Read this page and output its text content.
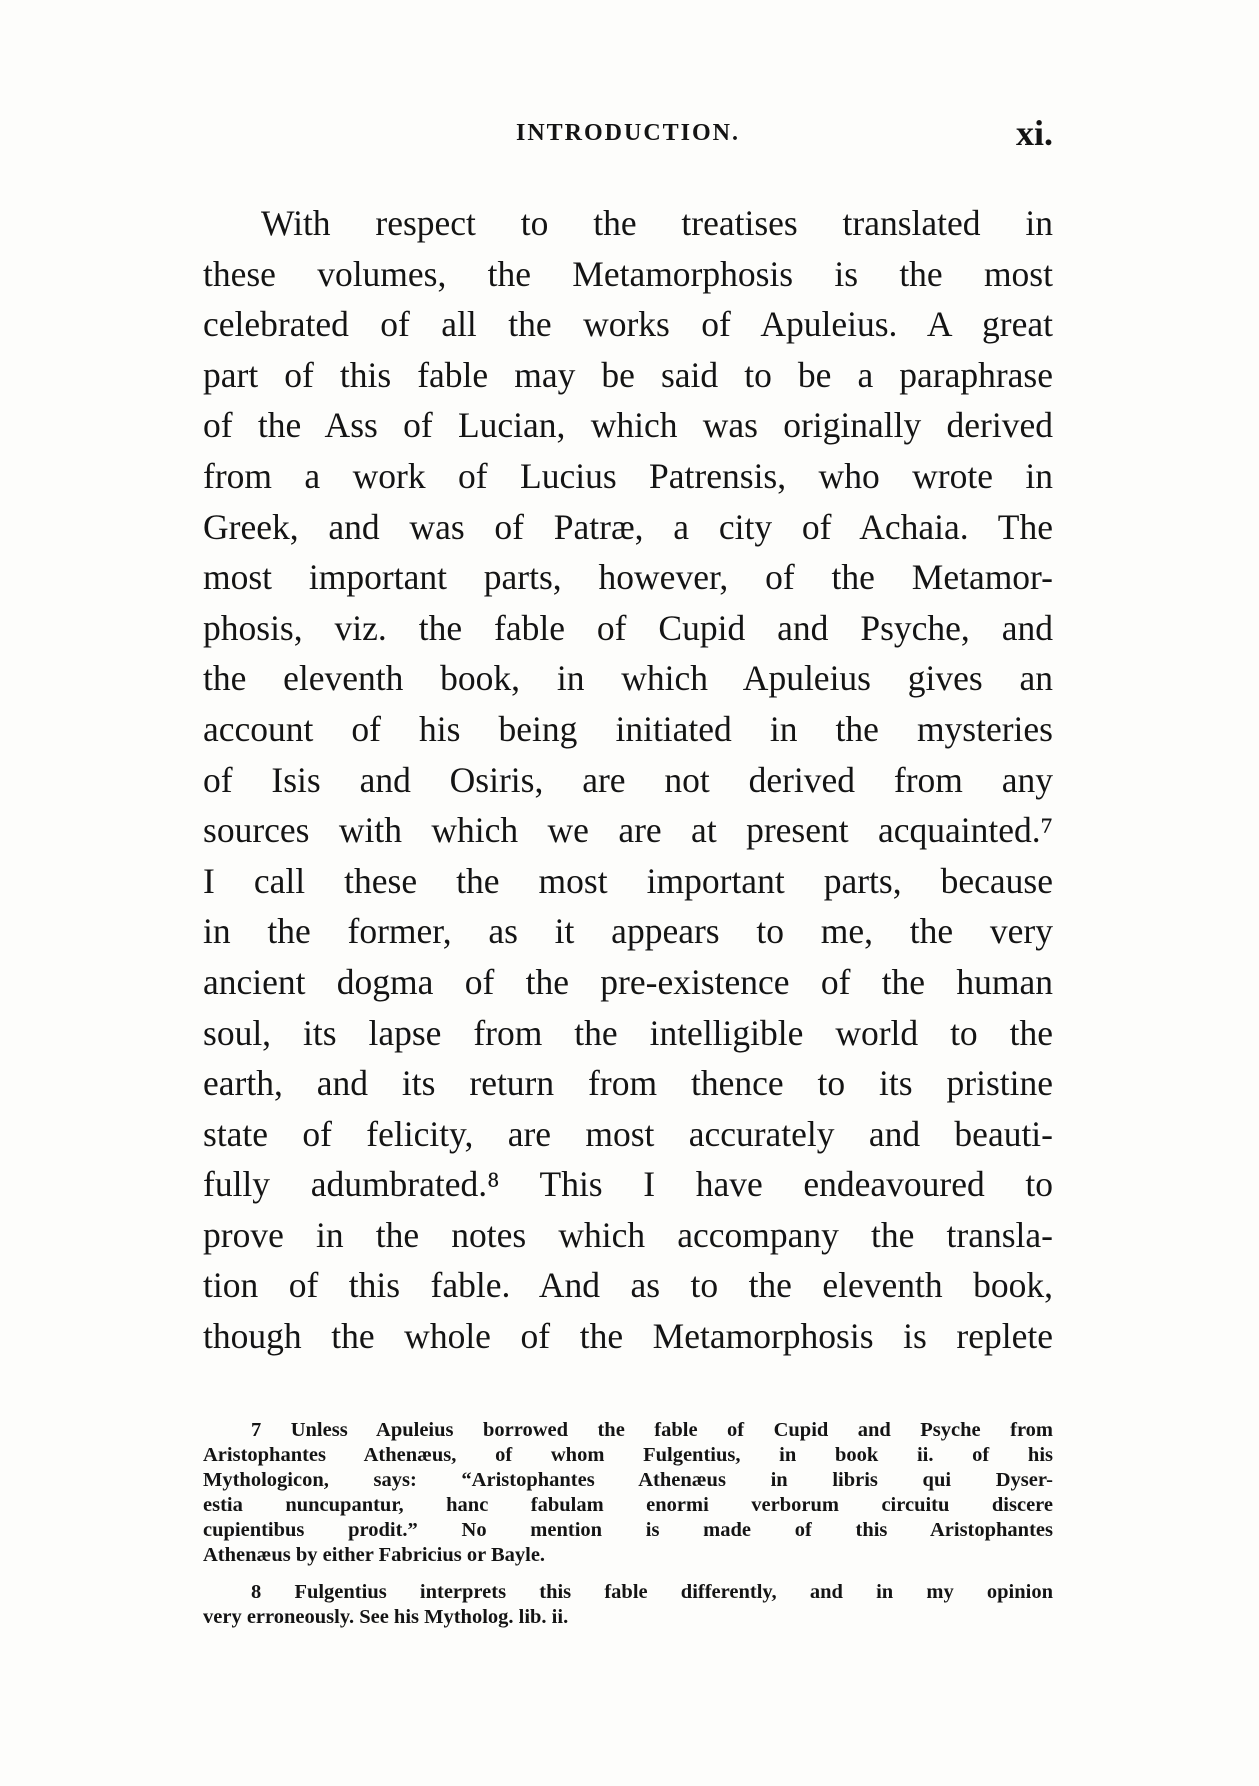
INTRODUCTION.	xi.
With respect to the treatises translated in
these volumes, the Metamorphosis is the most
celebrated of all the works of Apuleius. A great
part of this fable may be said to be a paraphrase
of the Ass of Lucian, which was originally derived
from a work of Lucius Patrensis, who wrote in
Greek, and was of Patræ, a city of Achaia. The
most important parts, however, of the Metamor-
phosis, viz. the fable of Cupid and Psyche, and
the eleventh book, in which Apuleius gives an
account of his being initiated in the mysteries
of Isis and Osiris, are not derived from any
sources with which we are at present acquainted.⁷
I call these the most important parts, because
in the former, as it appears to me, the very
ancient dogma of the pre-existence of the human
soul, its lapse from the intelligible world to the
earth, and its return from thence to its pristine
state of felicity, are most accurately and beauti-
fully adumbrated.⁸ This I have endeavoured to
prove in the notes which accompany the transla-
tion of this fable. And as to the eleventh book,
though the whole of the Metamorphosis is replete
7 Unless Apuleius borrowed the fable of Cupid and Psyche from
Aristophantes Athenæus, of whom Fulgentius, in book ii. of his
Mythologicon, says: “Aristophantes Athenæus in libris qui Dyser-
estia nuncupantur, hanc fabulam enormi verborum circuitu discere
cupientibus prodit.” No mention is made of this Aristophantes
Athenæus by either Fabricius or Bayle.
8 Fulgentius interprets this fable differently, and in my opinion
very erroneously. See his Mytholog. lib. ii.
